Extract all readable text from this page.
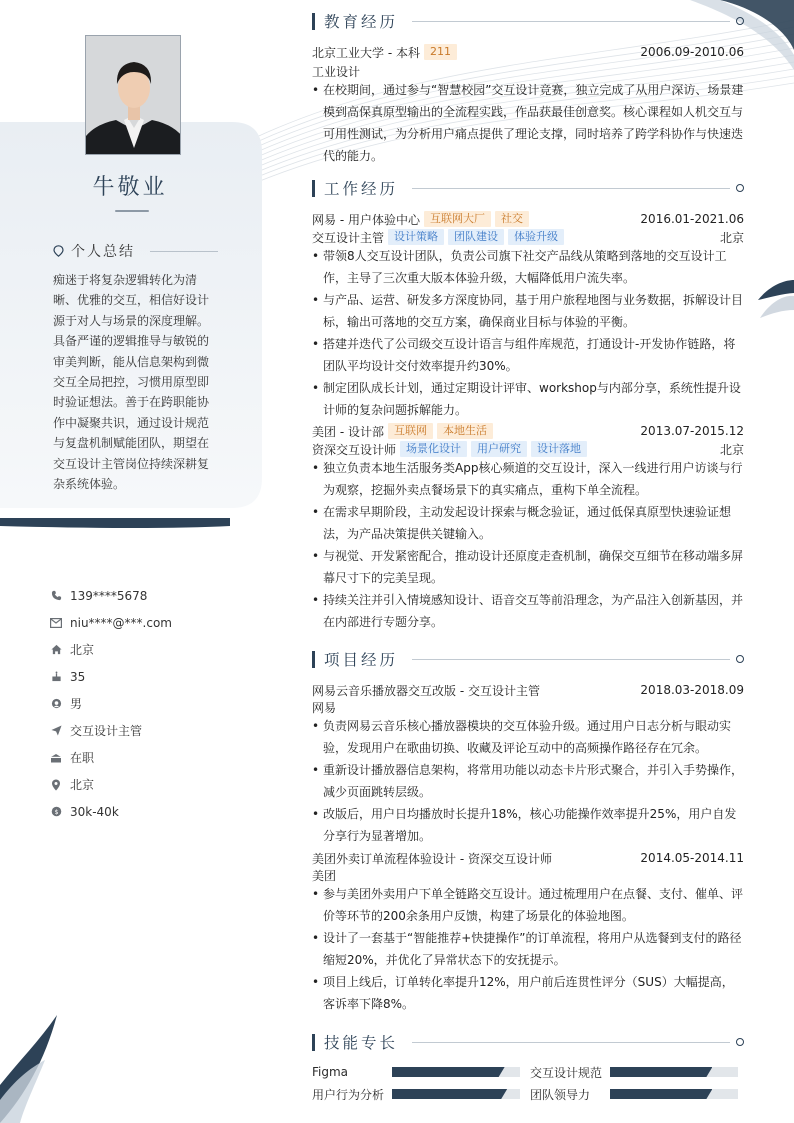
牛敬业
个人总结
痴迷于将复杂逻辑转化为清晰、优雅的交互，相信好设计源于对人与场景的深度理解。具备严谨的逻辑推导与敏锐的审美判断，能从信息架构到微交互全局把控，习惯用原型即时验证想法。善于在跨职能协作中凝聚共识，通过设计规范与复盘机制赋能团队，期望在交互设计主管岗位持续深耕复杂系统体验。
139****5678
niu****@***.com
北京
35
男
交互设计主管
在职
北京
$ 30k-40k
教育经历
北京工业大学 - 本科 211	2006.09-2010.06
工业设计
• 在校期间，通过参与“智慧校园”交互设计竞赛，独立完成了从用户深访、场景建模到高保真原型输出的全流程实践，作品获最佳创意奖。核心课程如人机交互与可用性测试，为分析用户痛点提供了理论支撑，同时培养了跨学科协作与快速迭代的能力。
工作经历
网易 - 用户体验中心 互联网大厂	社交	2016.01-2021.06
交互设计主管 设计策略	团队建设	体验升级	北京
• 带领8人交互设计团队，负责公司旗下社交产品线从策略到落地的交互设计工作，主导了三次重大版本体验升级，大幅降低用户流失率。
• 与产品、运营、研发多方深度协同，基于用户旅程地图与业务数据，拆解设计目标，输出可落地的交互方案，确保商业目标与体验的平衡。
• 搭建并迭代了公司级交互设计语言与组件库规范，打通设计-开发协作链路，将团队平均设计交付效率提升约30%。
• 制定团队成长计划，通过定期设计评审、workshop与内部分享，系统性提升设计师的复杂问题拆解能力。
美团 - 设计部 互联网	本地生活	2013.07-2015.12
资深交互设计师 场景化设计	用户研究	设计落地	北京
• 独立负责本地生活服务类App核心频道的交互设计，深入一线进行用户访谈与行为观察，挖掘外卖点餐场景下的真实痛点，重构下单全流程。
• 在需求早期阶段，主动发起设计探索与概念验证，通过低保真原型快速验证想法，为产品决策提供关键输入。
• 与视觉、开发紧密配合，推动设计还原度走查机制，确保交互细节在移动端多屏幕尺寸下的完美呈现。
• 持续关注并引入情境感知设计、语音交互等前沿理念，为产品注入创新基因，并在内部进行专题分享。
项目经历
网易云音乐播放器交互改版 - 交互设计主管	2018.03-2018.09
网易
• 负责网易云音乐核心播放器模块的交互体验升级。通过用户日志分析与眼动实验，发现用户在歌曲切换、收藏及评论互动中的高频操作路径存在冗余。
• 重新设计播放器信息架构，将常用功能以动态卡片形式聚合，并引入手势操作，减少页面跳转层级。
• 改版后，用户日均播放时长提升18%，核心功能操作效率提升25%，用户自发分享行为显著增加。
美团外卖订单流程体验设计 - 资深交互设计师	2014.05-2014.11
美团
• 参与美团外卖用户下单全链路交互设计。通过梳理用户在点餐、支付、催单、评价等环节的200余条用户反馈，构建了场景化的体验地图。
• 设计了一套基于“智能推荐+快捷操作”的订单流程，将用户从选餐到支付的路径缩短20%，并优化了异常状态下的安抚提示。
• 项目上线后，订单转化率提升12%，用户前后连贯性评分（SUS）大幅提高，客诉率下降8%。
技能专长
Figma	交互设计规范
用户行为分析	团队领导力
